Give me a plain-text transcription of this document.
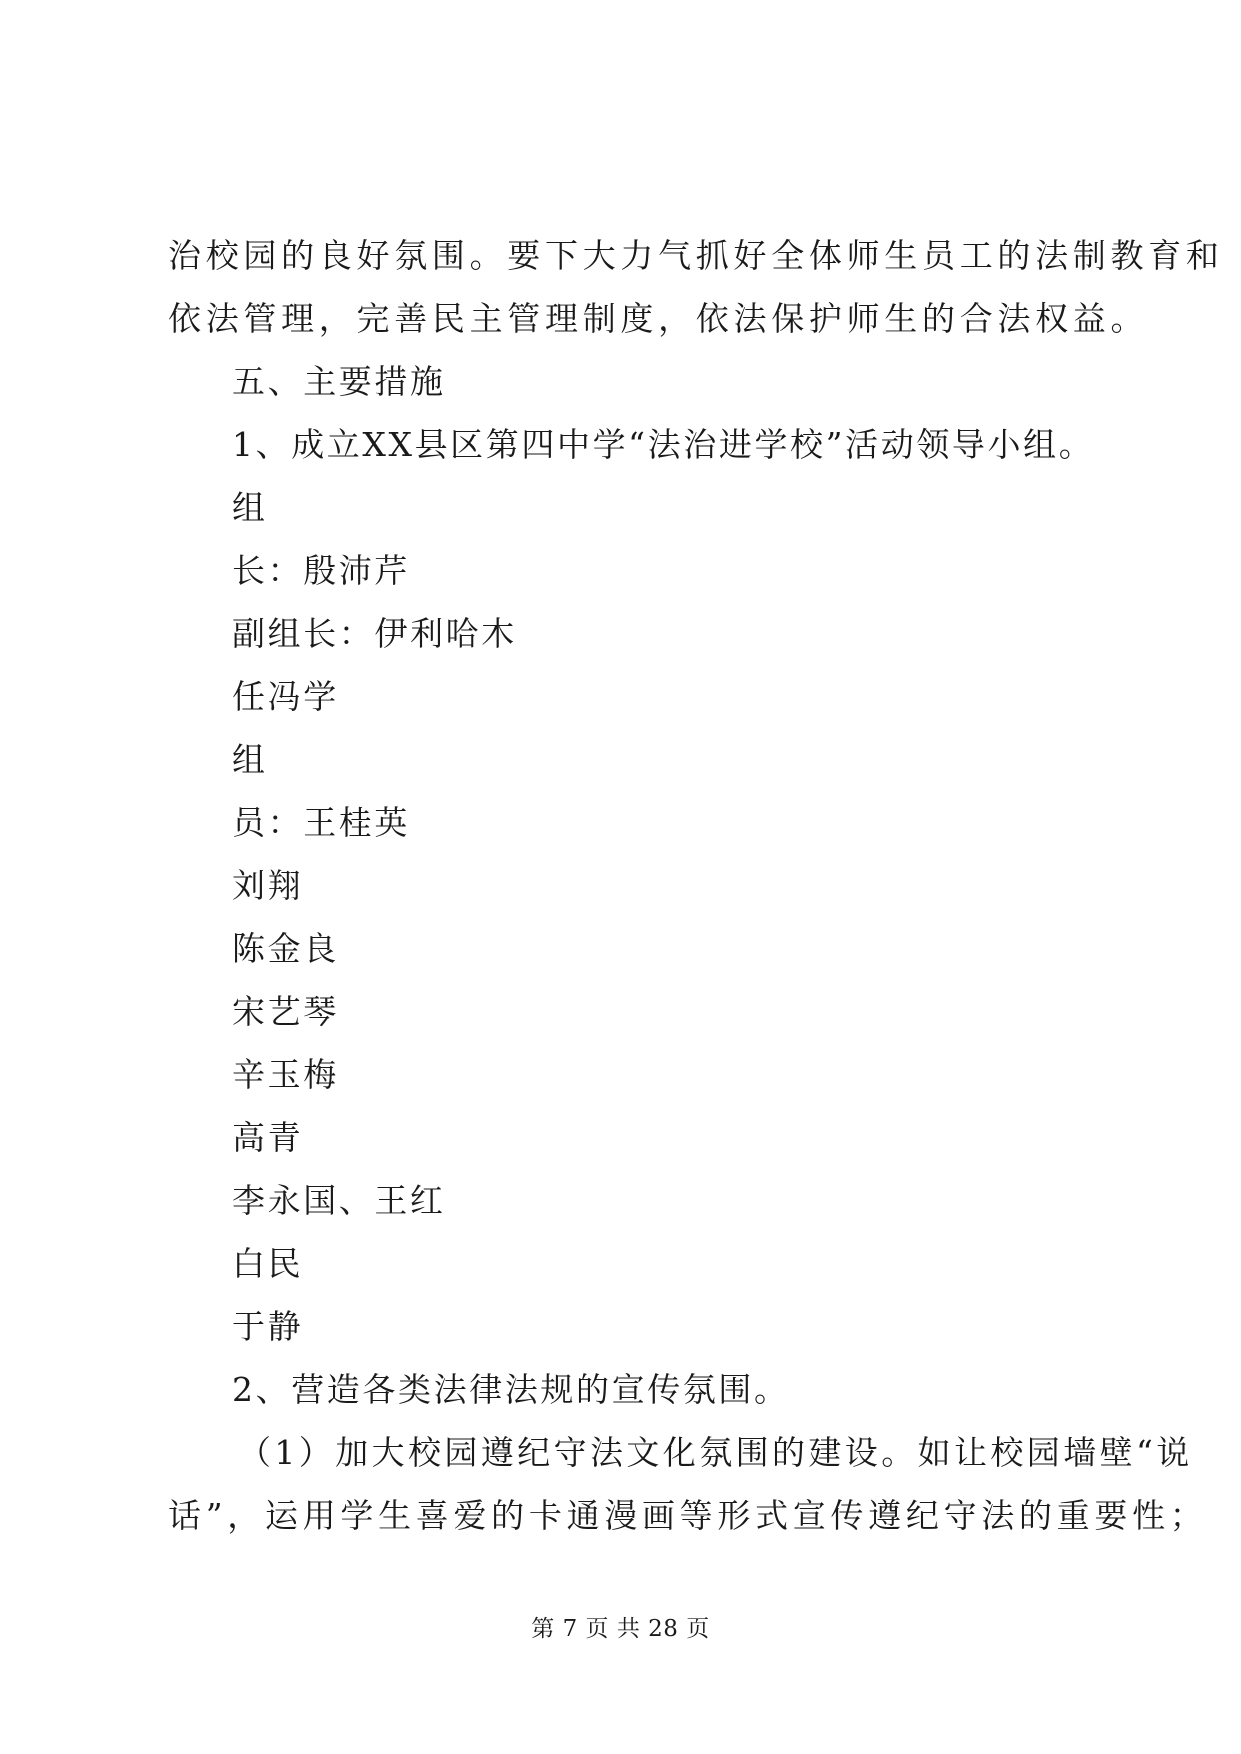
治校园的良好氛围。要下大力气抓好全体师生员工的法制教育和
依法管理，完善民主管理制度，依法保护师生的合法权益。
五、主要措施
1、成立XX县区第四中学“法治进学校”活动领导小组。
组
长：殷沛芹
副组长：伊利哈木
任冯学
组
员：王桂英
刘翔
陈金良
宋艺琴
辛玉梅
高青
李永国、王红
白民
于静
2、营造各类法律法规的宣传氛围。
（1）加大校园遵纪守法文化氛围的建设。如让校园墙壁“说
话”，运用学生喜爱的卡通漫画等形式宣传遵纪守法的重要性；
第 7 页 共 28 页
